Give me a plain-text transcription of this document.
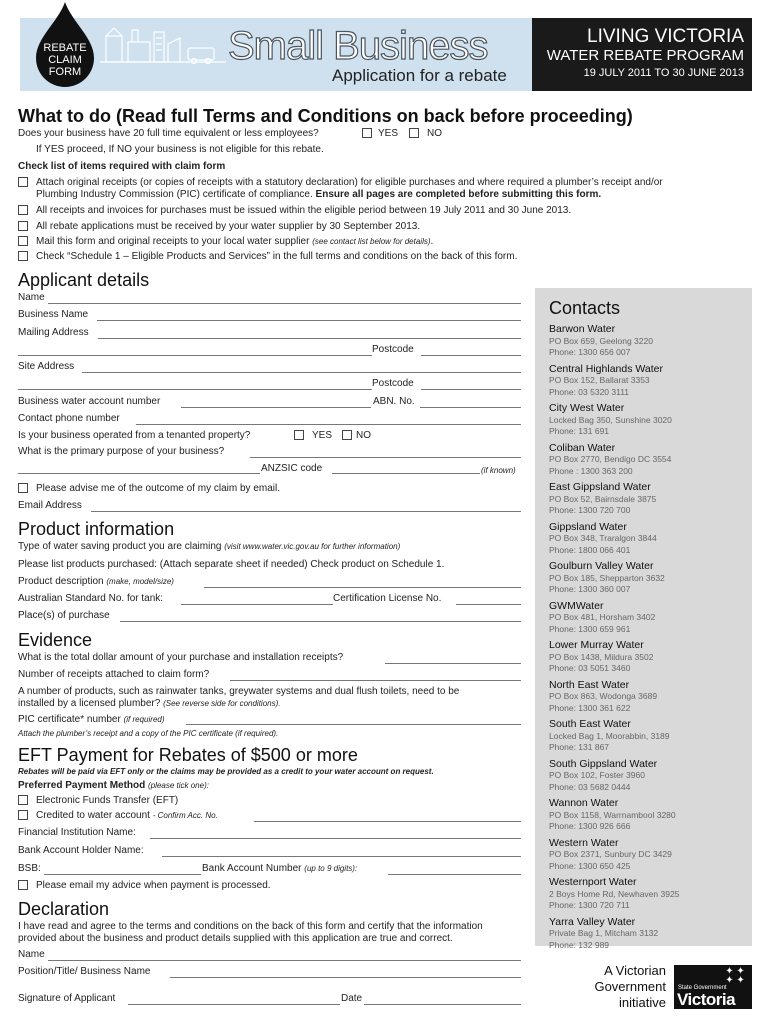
REBATE
CLAIM
FORM
Small Business
Application for a rebate
LIVING VICTORIA
WATER REBATE PROGRAM
19 JULY 2011 TO 30 JUNE 2013
What to do (Read full Terms and Conditions on back before proceeding)
Does your business have 20 full time equivalent or less employees?	YES	NO
If YES proceed, If NO your business is not eligible for this rebate.
Check list of items required with claim form
Attach original receipts (or copies of receipts with a statutory declaration) for eligible purchases and where required a plumber’s receipt and/or
Plumbing Industry Commission (PIC) certificate of compliance. Ensure all pages are completed before submitting this form.
All receipts and invoices for purchases must be issued within the eligible period between 19 July 2011 and 30 June 2013.
All rebate applications must be received by your water supplier by 30 September 2013.
Mail this form and original receipts to your local water supplier (see contact list below for details).
Check “Schedule 1 – Eligible Products and Services” in the full terms and conditions on the back of this form.
Applicant details
Name
Business Name
Mailing Address
Postcode
Site Address
Postcode
Business water account number	ABN. No.
Contact phone number
Is your business operated from a tenanted property?	YES NO
What is the primary purpose of your business?
ANZSIC code	(if known)
Please advise me of the outcome of my claim by email.
Email Address
Product information
Type of water saving product you are claiming (visit www.water.vic.gov.au for further information)
Please list products purchased: (Attach separate sheet if needed) Check product on Schedule 1.
Product description (make, model/size)
Australian Standard No. for tank:	Certification License No.
Place(s) of purchase
Evidence
What is the total dollar amount of your purchase and installation receipts?
Number of receipts attached to claim form?
A number of products, such as rainwater tanks, greywater systems and dual flush toilets, need to be
installed by a licensed plumber? (See reverse side for conditions).
PIC certificate* number (if required)
Attach the plumber’s receipt and a copy of the PIC certificate (if required).
EFT Payment for Rebates of $500 or more
Rebates will be paid via EFT only or the claims may be provided as a credit to your water account on request.
Preferred Payment Method (please tick one):
Electronic Funds Transfer (EFT)
Credited to water account - Confirm Acc. No.
Financial Institution Name:
Bank Account Holder Name:
BSB:	Bank Account Number (up to 9 digits):
Please email my advice when payment is processed.
Declaration
I have read and agree to the terms and conditions on the back of this form and certify that the information
provided about the business and product details supplied with this application are true and correct.
Name
Position/Title/ Business Name
Signature of Applicant	Date
Contacts
Barwon Water
PO Box 659, Geelong 3220
Phone: 1300 656 007
Central Highlands Water
PO Box 152, Ballarat 3353
Phone: 03 5320 3111
City West Water
Locked Bag 350, Sunshine 3020
Phone: 131 691
Coliban Water
PO Box 2770, Bendigo DC 3554
Phone : 1300 363 200
East Gippsland Water
PO Box 52, Bairnsdale 3875
Phone: 1300 720 700
Gippsland Water
PO Box 348, Traralgon 3844
Phone: 1800 066 401
Goulburn Valley Water
PO Box 185, Shepparton 3632
Phone: 1300 360 007
GWMWater
PO Box 481, Horsham 3402
Phone: 1300 659 961
Lower Murray Water
PO Box 1438, Mildura 3502
Phone: 03 5051 3460
North East Water
PO Box 863, Wodonga 3689
Phone: 1300 361 622
South East Water
Locked Bag 1, Moorabbin, 3189
Phone: 131 867
South Gippsland Water
PO Box 102, Foster 3960
Phone: 03 5682 0444
Wannon Water
PO Box 1158, Warrnambool 3280
Phone: 1300 926 666
Western Water
PO Box 2371, Sunbury DC 3429
Phone: 1300 650 425
Westernport Water
2 Boys Home Rd, Newhaven 3925
Phone: 1300 720 711
Yarra Valley Water
Private Bag 1, Mitcham 3132
Phone: 132 989
A Victorian
Government
initiative
✦ ✦
✦ ✦
State Government
Victoria
